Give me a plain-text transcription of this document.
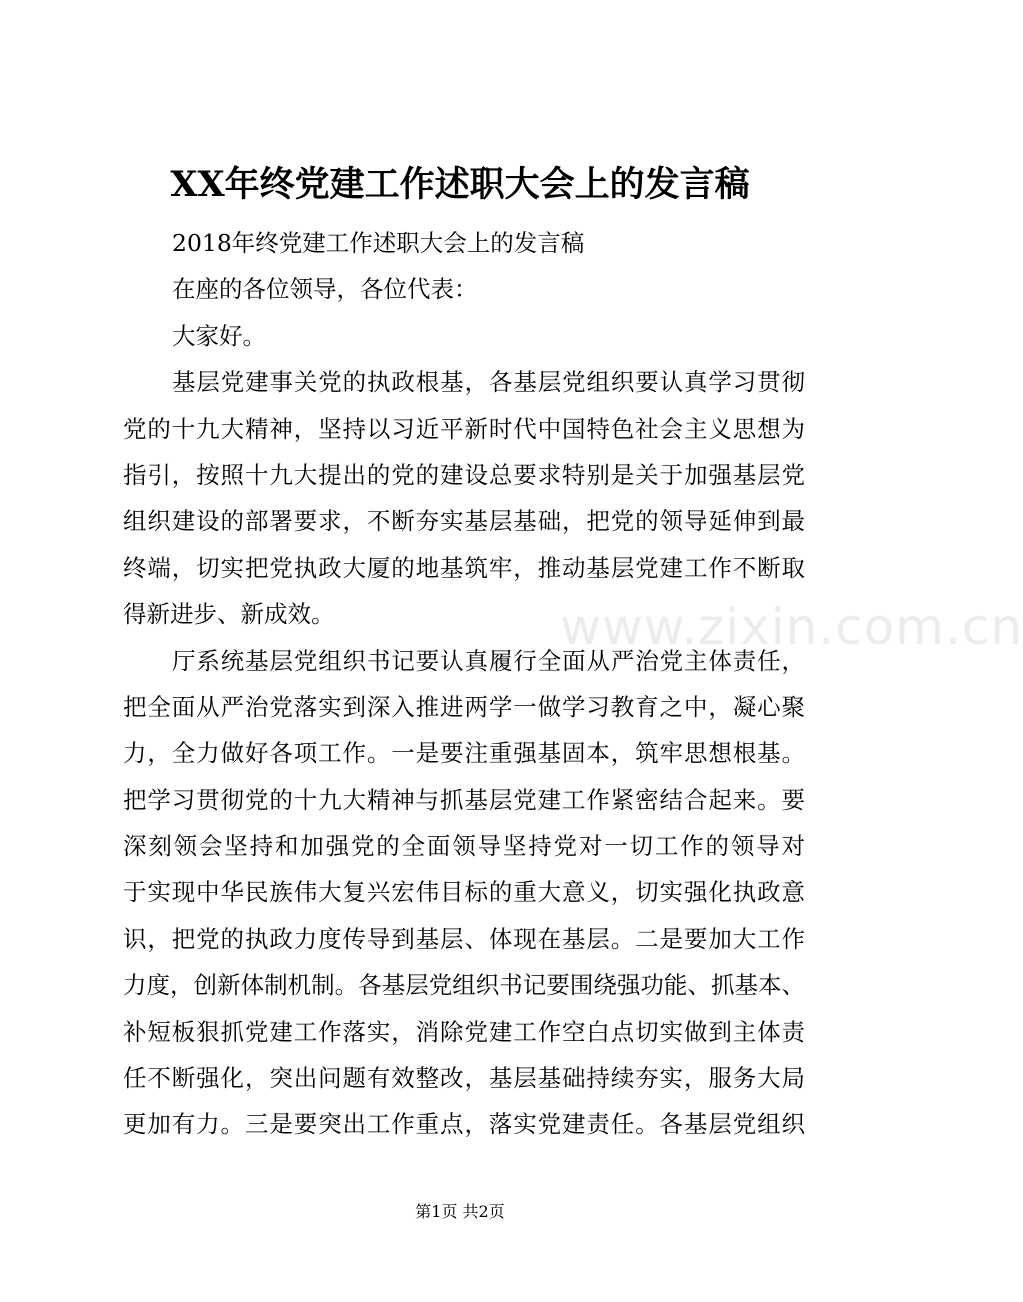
XX年终党建工作述职大会上的发言稿

2018年终党建工作述职大会上的发言稿

在座的各位领导，各位代表：

大家好。

基层党建事关党的执政根基，各基层党组织要认真学习贯彻

党的十九大精神，坚持以习近平新时代中国特色社会主义思想为

指引，按照十九大提出的党的建设总要求特别是关于加强基层党

组织建设的部署要求，不断夯实基层基础，把党的领导延伸到最

终端，切实把党执政大厦的地基筑牢，推动基层党建工作不断取

得新进步、新成效。

厅系统基层党组织书记要认真履行全面从严治党主体责任，

把全面从严治党落实到深入推进两学一做学习教育之中，凝心聚

力，全力做好各项工作。一是要注重强基固本，筑牢思想根基。

把学习贯彻党的十九大精神与抓基层党建工作紧密结合起来。要

深刻领会坚持和加强党的全面领导坚持党对一切工作的领导对

于实现中华民族伟大复兴宏伟目标的重大意义，切实强化执政意

识，把党的执政力度传导到基层、体现在基层。二是要加大工作

力度，创新体制机制。各基层党组织书记要围绕强功能、抓基本、

补短板狠抓党建工作落实，消除党建工作空白点切实做到主体责

任不断强化，突出问题有效整改，基层基础持续夯实，服务大局

更加有力。三是要突出工作重点，落实党建责任。各基层党组织

www.zixin.com.cn
第1页 共2页
